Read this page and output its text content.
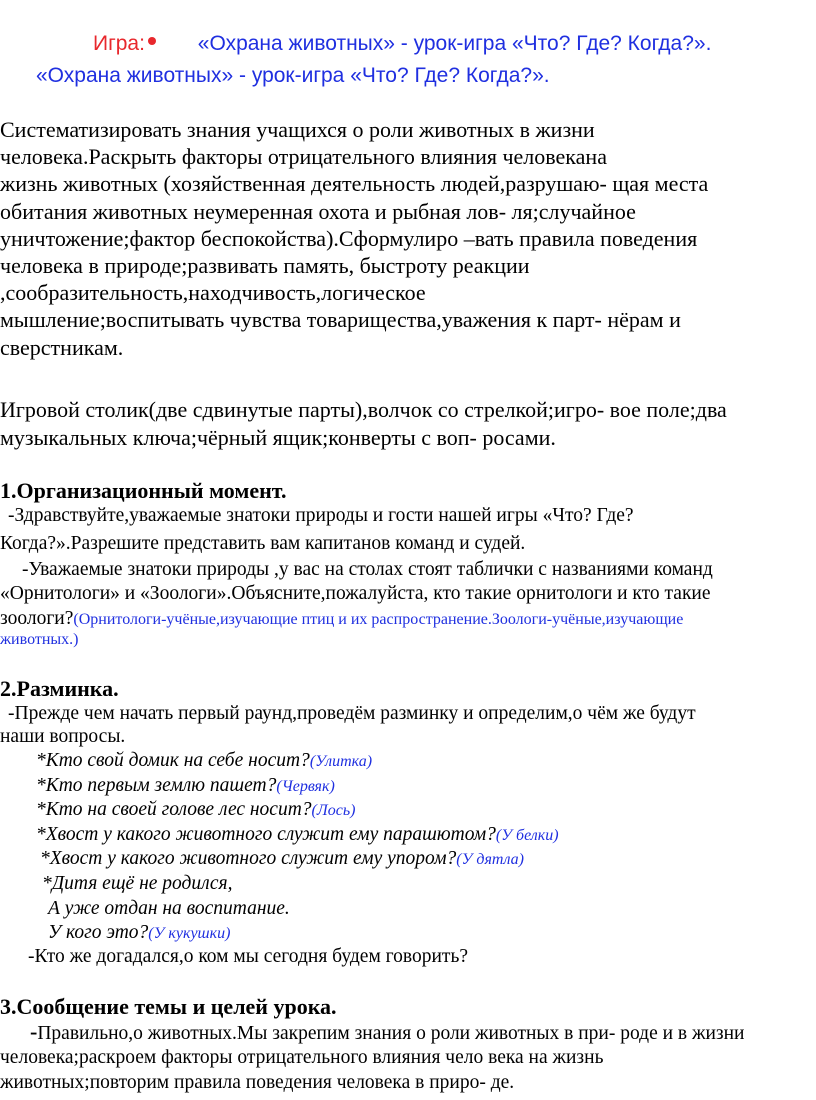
Игра:	«Охрана животных» - урок-игра «Что? Где? Когда?».
«Охрана животных» - урок-игра «Что? Где? Когда?».
Систематизировать знания учащихся о роли животных в жизни
человека.Раскрыть факторы отрицательного влияния человекана
жизнь животных (хозяйственная деятельность людей,разрушаю- щая места
обитания животных неумеренная охота и рыбная лов- ля;случайное
уничтожение;фактор беспокойства).Сформулиро –вать правила поведения
человека в природе;развивать память, быстроту реакции
,сообразительность,находчивость,логическое
мышление;воспитывать чувства товарищества,уважения к парт- нёрам и
сверстникам.
Игровой столик(две сдвинутые парты),волчок со стрелкой;игро- вое поле;два
музыкальных ключа;чёрный ящик;конверты с воп- росами.
1.Организационный момент.
-Здравствуйте,уважаемые знатоки природы и гости нашей игры «Что? Где?
Когда?».Разрешите представить вам капитанов команд и судей.
-Уважаемые знатоки природы ,у вас на столах стоят таблички с названиями команд
«Орнитологи» и «Зоологи».Объясните,пожалуйста, кто такие орнитологи и кто такие
зоологи?(Орнитологи-учёные,изучающие птиц и их распространение.Зоологи-учёные,изучающие
животных.)
2.Разминка.
-Прежде чем начать первый раунд,проведём разминку и определим,о чём же будут
наши вопросы.
*Кто свой домик на себе носит?(Улитка)
*Кто первым землю пашет?(Червяк)
*Кто на своей голове лес носит?(Лось)
*Хвост у какого животного служит ему парашютом?(У белки)
*Хвост у какого животного служит ему упором?(У дятла)
*Дитя ещё не родился,
А уже отдан на воспитание.
У кого это?(У кукушки)
-Кто же догадался,о ком мы сегодня будем говорить?
3.Сообщение темы и целей урока.
-Правильно,о животных.Мы закрепим знания о роли животных в при- роде и в жизни
человека;раскроем факторы отрицательного влияния чело века на жизнь
животных;повторим правила поведения человека в приро- де.
